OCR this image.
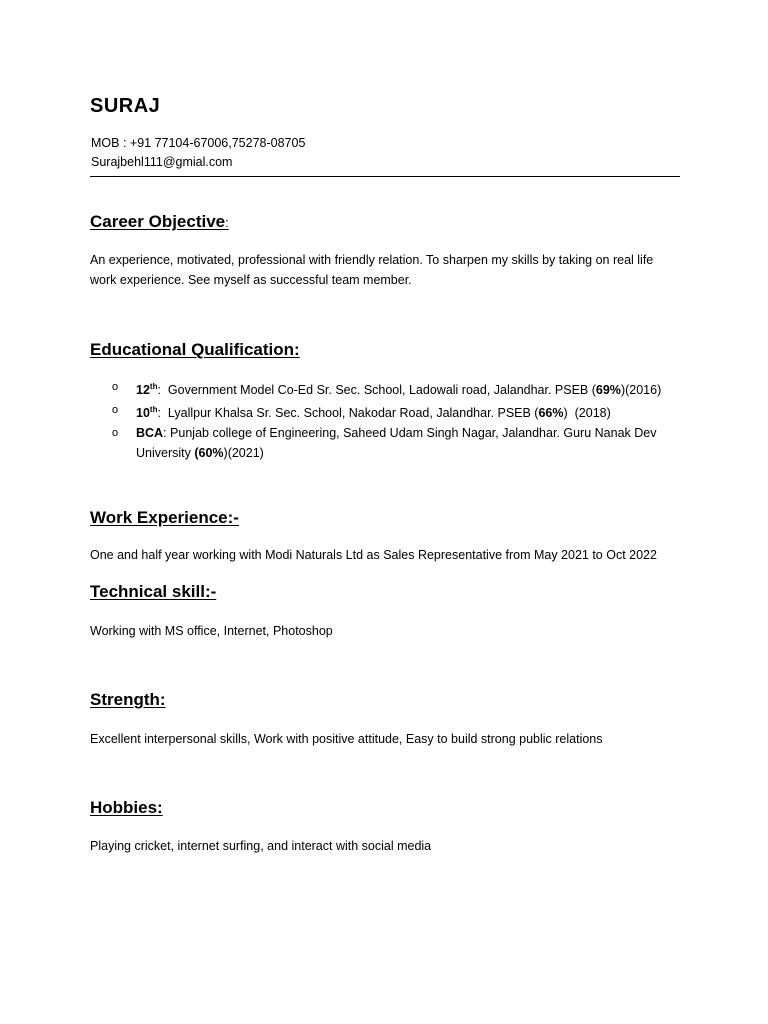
SURAJ
MOB : +91 77104-67006,75278-08705
Surajbehl111@gmial.com
Career Objective:
An experience, motivated, professional with friendly relation. To sharpen my skills by taking on real life work experience. See myself as successful team member.
Educational Qualification:
o 12th:  Government Model Co-Ed Sr. Sec. School, Ladowali road, Jalandhar. PSEB (69%)(2016)
o 10th:  Lyallpur Khalsa Sr. Sec. School, Nakodar Road, Jalandhar. PSEB (66%)  (2018)
o BCA: Punjab college of Engineering, Saheed Udam Singh Nagar, Jalandhar. Guru Nanak Dev University (60%)(2021)
Work Experience:-
One and half year working with Modi Naturals Ltd as Sales Representative from May 2021 to Oct 2022
Technical skill:-
Working with MS office, Internet, Photoshop
Strength:
Excellent interpersonal skills, Work with positive attitude, Easy to build strong public relations
Hobbies:
Playing cricket, internet surfing, and interact with social media
